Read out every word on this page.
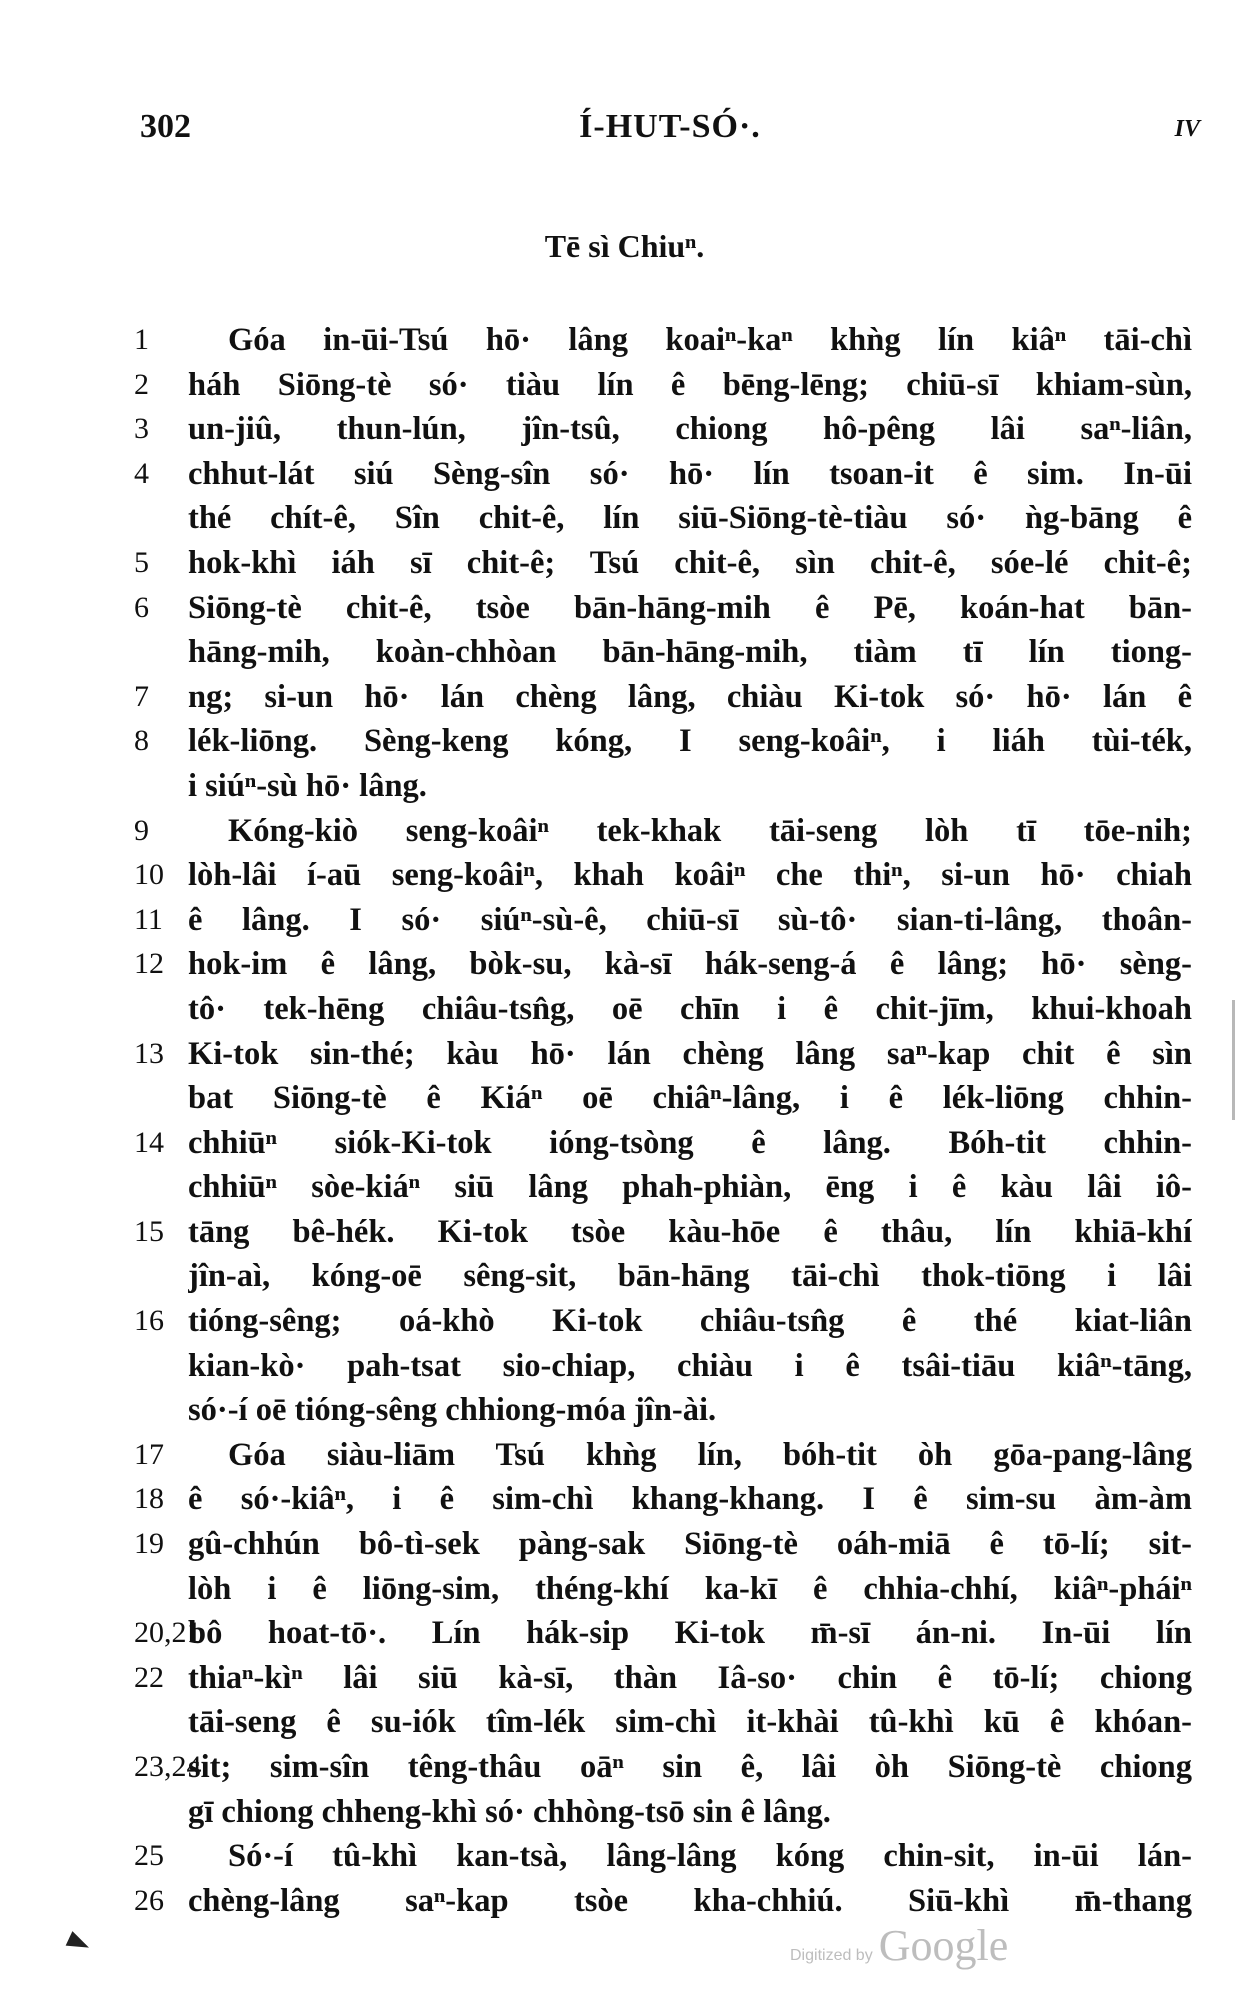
302	Í-HUT-SÓ·.	IV
Tē sì Chiuⁿ.
1 Góa in-ūi-Tsú hō· lâng koaiⁿ-kaⁿ khǹg lín kiâⁿ tāi-chì
2 háh Siōng-tè só· tiàu lín ê bēng-lēng; chiū-sī khiam-sùn,
3 un-jiû, thun-lún, jîn-tsû, chiong hô-pêng lâi saⁿ-liân,
4 chhut-lát siú Sèng-sîn só· hō· lín tsoan-it ê sim. In-ūi
thé chít-ê, Sîn chit-ê, lín siū-Siōng-tè-tiàu só· ǹg-bāng ê
5 hok-khì iáh sī chit-ê; Tsú chit-ê, sìn chit-ê, sóe-lé chit-ê;
6 Siōng-tè chit-ê, tsòe bān-hāng-mih ê Pē, koán-hat bān-
hāng-mih, koàn-chhòan bān-hāng-mih, tiàm tī lín tiong-
7 ng; si-un hō· lán chèng lâng, chiàu Ki-tok só· hō· lán ê
8 lék-liōng. Sèng-keng kóng, I seng-koâiⁿ, i liáh tùi-ték,
i siúⁿ-sù hō· lâng.
9 Kóng-kiò seng-koâiⁿ tek-khak tāi-seng lòh tī tōe-nih;
10 lòh-lâi í-aū seng-koâiⁿ, khah koâiⁿ che thiⁿ, si-un hō· chiah
11 ê lâng. I só· siúⁿ-sù-ê, chiū-sī sù-tô· sian-ti-lâng, thoân-
12 hok-im ê lâng, bòk-su, kà-sī hák-seng-á ê lâng; hō· sèng-
tô· tek-hēng chiâu-tsn̂g, oē chīn i ê chit-jīm, khui-khoah
13 Ki-tok sin-thé; kàu hō· lán chèng lâng saⁿ-kap chit ê sìn
bat Siōng-tè ê Kiáⁿ oē chiâⁿ-lâng, i ê lék-liōng chhin-
14 chhiūⁿ siók-Ki-tok ióng-tsòng ê lâng. Bóh-tit chhin-
chhiūⁿ sòe-kiáⁿ siū lâng phah-phiàn, ēng i ê kàu lâi iô-
15 tāng bê-hék. Ki-tok tsòe kàu-hōe ê thâu, lín khiā-khí
jîn-aì, kóng-oē sêng-sit, bān-hāng tāi-chì thok-tiōng i lâi
16 tióng-sêng; oá-khò Ki-tok chiâu-tsn̂g ê thé kiat-liân
kian-kò· pah-tsat sio-chiap, chiàu i ê tsâi-tiāu kiâⁿ-tāng,
só·-í oē tióng-sêng chhiong-móa jîn-ài.
17 Góa siàu-liām Tsú khǹg lín, bóh-tit òh gōa-pang-lâng
18 ê só·-kiâⁿ, i ê sim-chì khang-khang. I ê sim-su àm-àm
19 gû-chhún bô-tì-sek pàng-sak Siōng-tè oáh-miā ê tō-lí; sit-
lòh i ê liōng-sim, théng-khí ka-kī ê chhia-chhí, kiâⁿ-pháiⁿ
20,21
bô hoat-tō·. Lín hák-sip Ki-tok m̄-sī án-ni. In-ūi lín
22 thiaⁿ-kìⁿ lâi siū kà-sī, thàn Iâ-so· chin ê tō-lí; chiong
tāi-seng ê su-iók tîm-lék sim-chì it-khài tû-khì kū ê khóan-
23,24
sit; sim-sîn têng-thâu oāⁿ sin ê, lâi òh Siōng-tè chiong
gī chiong chheng-khì só· chhòng-tsō sin ê lâng.
25 Só·-í tû-khì kan-tsà, lâng-lâng kóng chin-sit, in-ūi lán-
26 chèng-lâng saⁿ-kap tsòe kha-chhiú. Siū-khì m̄-thang
Digitized by Google
